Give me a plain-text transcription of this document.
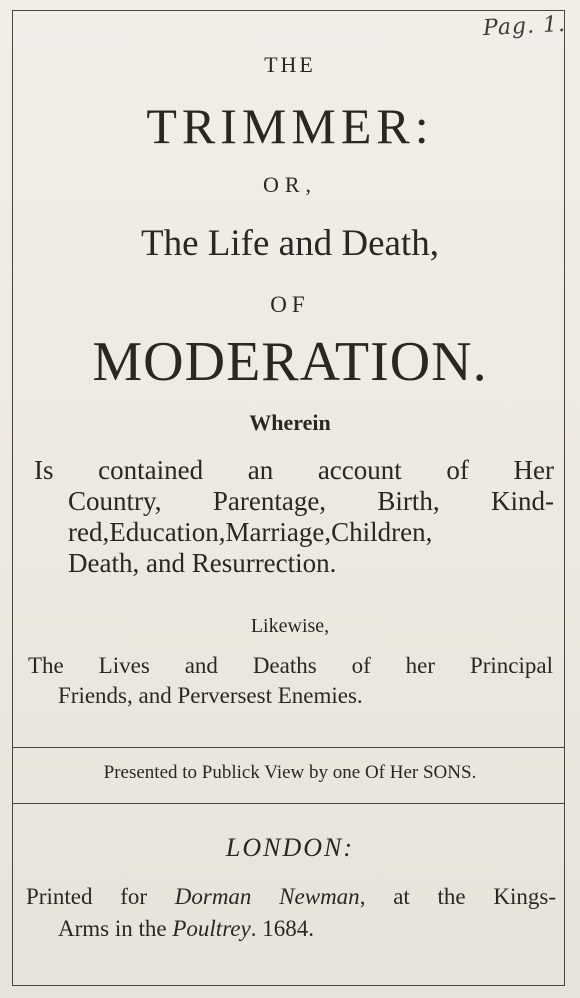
Pag. 1.
THE
TRIMMER:
OR,
The Life and Death,
OF
MODERATION.
Wherein
Is contained an account of Her
Country, Parentage, Birth, Kind-
red,Education,Marriage,Children,
Death, and Resurrection.
Likewise,
The Lives and Deaths of her Principal
Friends, and Perversest Enemies.
Presented to Publick View by one Of Her SONS.
LONDON:
Printed for Dorman Newman, at the Kings-
Arms in the Poultrey. 1684.
